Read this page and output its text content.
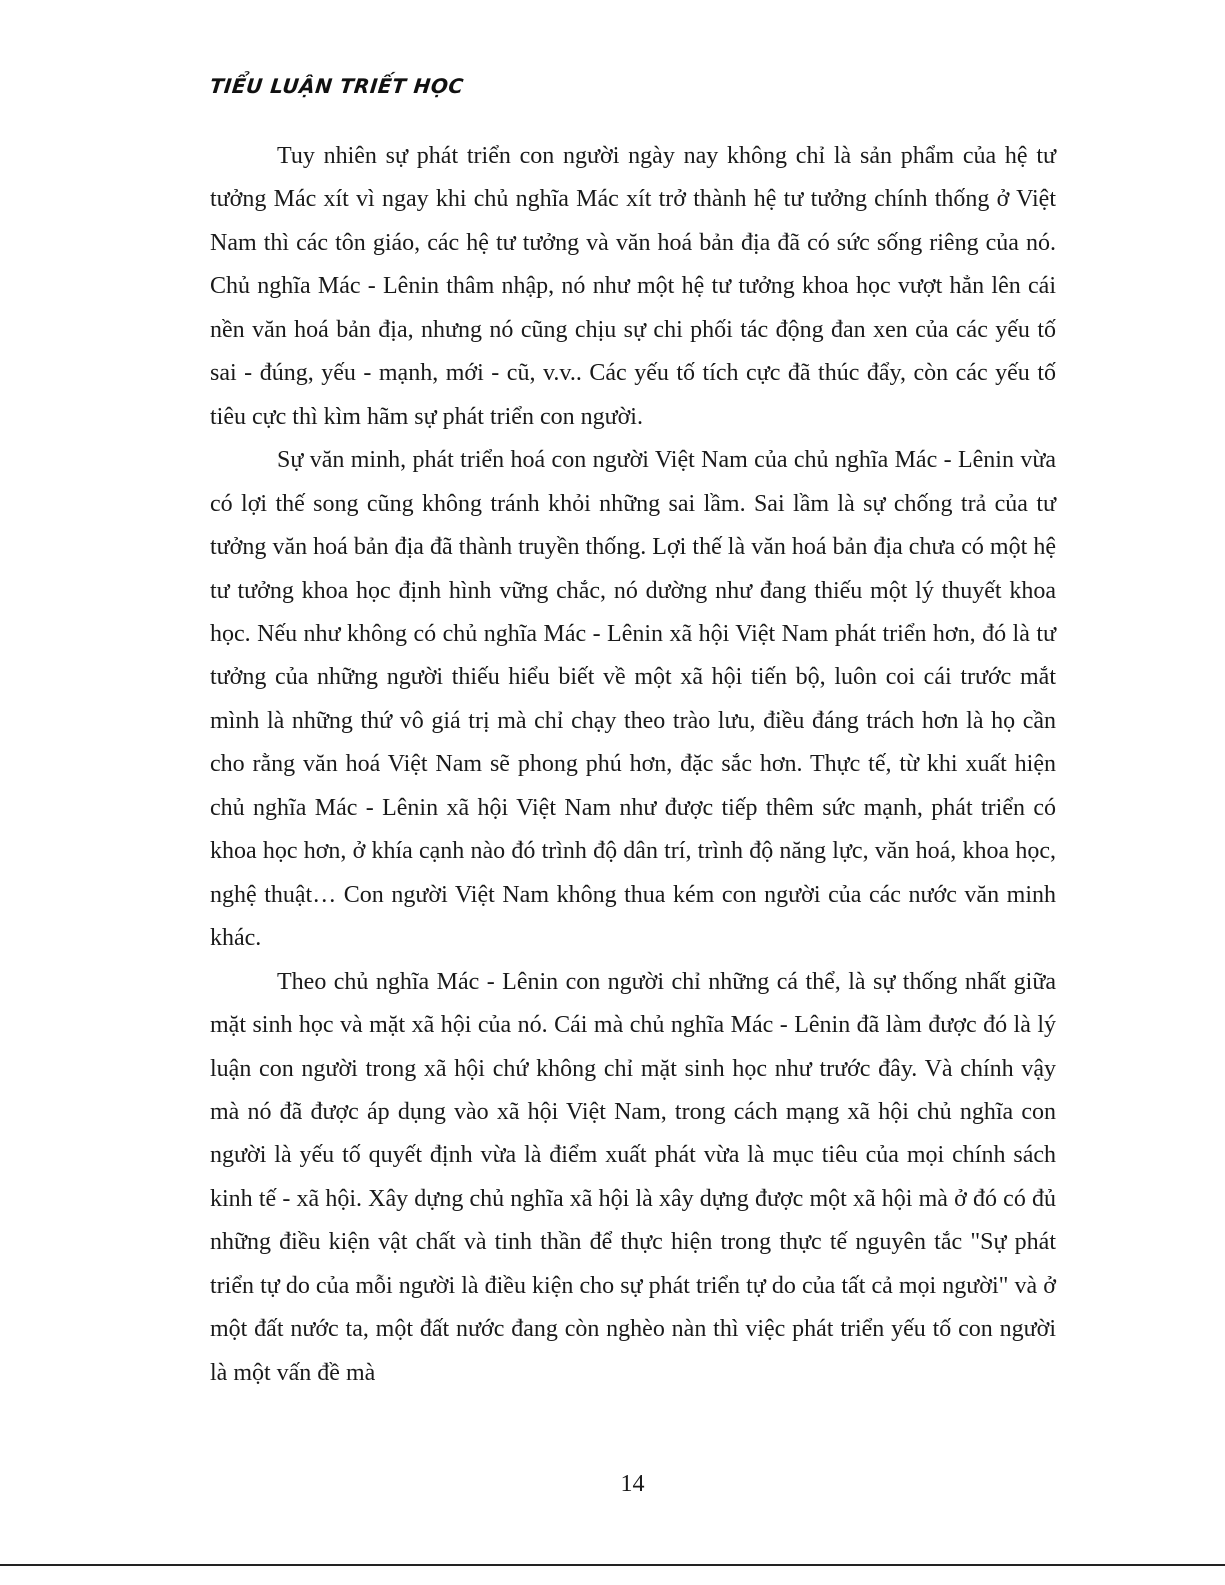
TIỂU LUẬN TRIẾT HỌC

Tuy nhiên sự phát triển con người ngày nay không chỉ là sản phẩm của hệ tư tưởng Mác xít vì ngay khi chủ nghĩa Mác xít trở thành hệ tư tưởng chính thống ở Việt Nam thì các tôn giáo, các hệ tư tưởng và văn hoá bản địa đã có sức sống riêng của nó. Chủ nghĩa Mác - Lênin thâm nhập, nó như một hệ tư tưởng khoa học vượt hẳn lên cái nền văn hoá bản địa, nhưng nó cũng chịu sự chi phối tác động đan xen của các yếu tố sai - đúng, yếu - mạnh, mới - cũ, v.v.. Các yếu tố tích cực đã thúc đẩy, còn các yếu tố tiêu cực thì kìm hãm sự phát triển con người.

Sự văn minh, phát triển hoá con người Việt Nam của chủ nghĩa Mác - Lênin vừa có lợi thế song cũng không tránh khỏi những sai lầm. Sai lầm là sự chống trả của tư tưởng văn hoá bản địa đã thành truyền thống. Lợi thế là văn hoá bản địa chưa có một hệ tư tưởng khoa học định hình vững chắc, nó dường như đang thiếu một lý thuyết khoa học. Nếu như không có chủ nghĩa Mác - Lênin xã hội Việt Nam phát triển hơn, đó là tư tưởng của những người thiếu hiểu biết về một xã hội tiến bộ, luôn coi cái trước mắt mình là những thứ vô giá trị mà chỉ chạy theo trào lưu, điều đáng trách hơn là họ cần cho rằng văn hoá Việt Nam sẽ phong phú hơn, đặc sắc hơn. Thực tế, từ khi xuất hiện chủ nghĩa Mác - Lênin xã hội Việt Nam như được tiếp thêm sức mạnh, phát triển có khoa học hơn, ở khía cạnh nào đó trình độ dân trí, trình độ năng lực, văn hoá, khoa học, nghệ thuật… Con người Việt Nam không thua kém con người của các nước văn minh khác.

Theo chủ nghĩa Mác - Lênin con người chỉ những cá thể, là sự thống nhất giữa mặt sinh học và mặt xã hội của nó. Cái mà chủ nghĩa Mác - Lênin đã làm được đó là lý luận con người trong xã hội chứ không chỉ mặt sinh học như trước đây. Và chính vậy mà nó đã được áp dụng vào xã hội Việt Nam, trong cách mạng xã hội chủ nghĩa con người là yếu tố quyết định vừa là điểm xuất phát vừa là mục tiêu của mọi chính sách kinh tế - xã hội. Xây dựng chủ nghĩa xã hội là xây dựng được một xã hội mà ở đó có đủ những điều kiện vật chất và tinh thần để thực hiện trong thực tế nguyên tắc "Sự phát triển tự do của mỗi người là điều kiện cho sự phát triển tự do của tất cả mọi người" và ở một đất nước ta, một đất nước đang còn nghèo nàn thì việc phát triển yếu tố con người là một vấn đề mà

14
